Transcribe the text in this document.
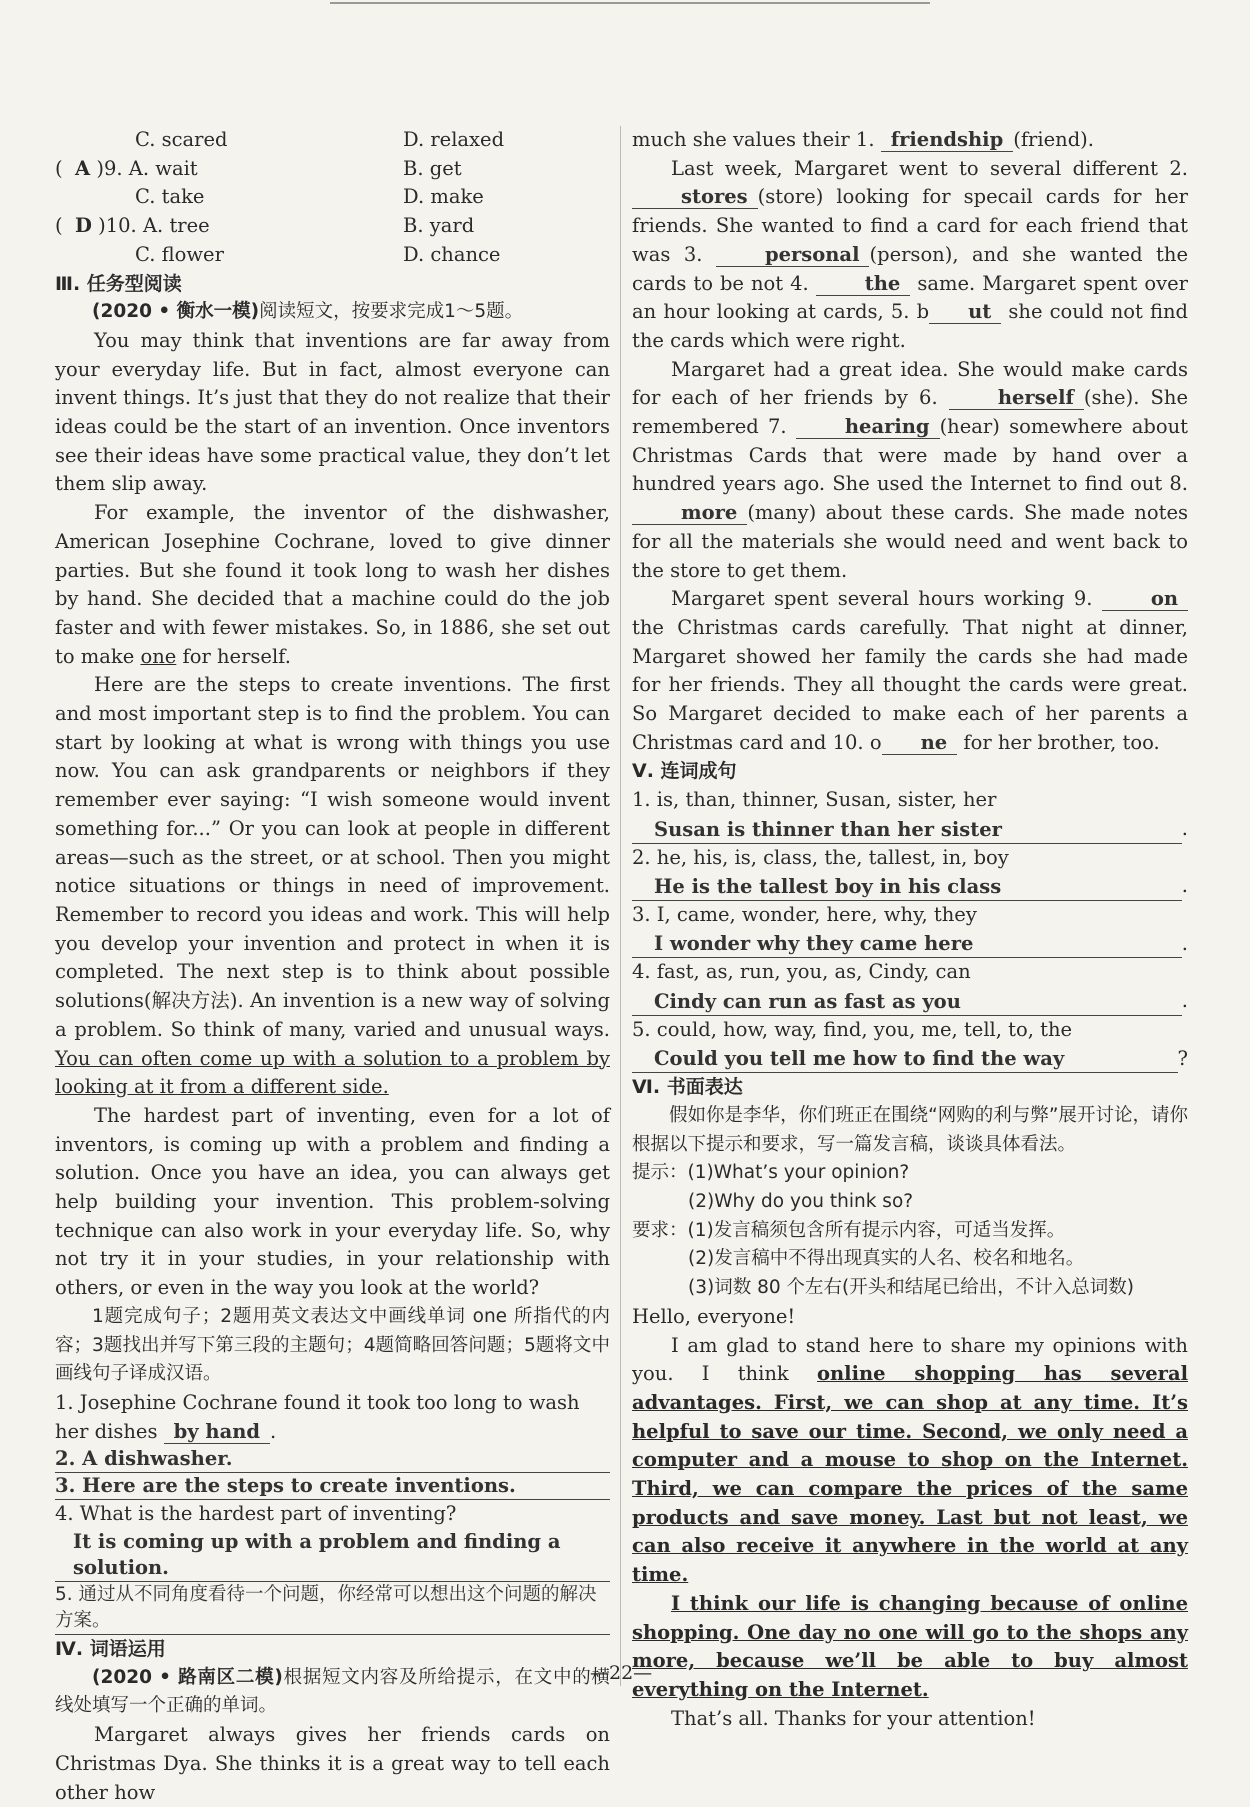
C. scared	D. relaxed
( A )9. A. wait	B. get
C. take	D. make
( D )10. A. tree	B. yard
C. flower	D. chance

Ⅲ. 任务型阅读

(2020 • 衡水一模)阅读短文，按要求完成1～5题。

You may think that inventions are far away from your everyday life. But in fact, almost everyone can invent things. It’s just that they do not realize that their ideas could be the start of an invention. Once inventors see their ideas have some practical value, they don’t let them slip away.

For example, the inventor of the dishwasher, American Josephine Cochrane, loved to give dinner parties. But she found it took long to wash her dishes by hand. She decided that a machine could do the job faster and with fewer mistakes. So, in 1886, she set out to make one for herself.

Here are the steps to create inventions. The first and most important step is to find the problem. You can start by looking at what is wrong with things you use now. You can ask grandparents or neighbors if they remember ever saying: “I wish someone would invent something for...” Or you can look at people in different areas—such as the street, or at school. Then you might notice situations or things in need of improvement. Remember to record you ideas and work. This will help you develop your invention and protect in when it is completed. The next step is to think about possible solutions(解决方法). An invention is a new way of solving a problem. So think of many, varied and unusual ways. You can often come up with a solution to a problem by looking at it from a different side.

The hardest part of inventing, even for a lot of inventors, is coming up with a problem and finding a solution. Once you have an idea, you can always get help building your invention. This problem-solving technique can also work in your everyday life. So, why not try it in your studies, in your relationship with others, or even in the way you look at the world?

1题完成句子；2题用英文表达文中画线单词 one 所指代的内容；3题找出并写下第三段的主题句；4题简略回答问题；5题将文中画线句子译成汉语。

1. Josephine Cochrane found it took too long to wash her dishes by hand .

2. A dishwasher.

3. Here are the steps to create inventions.

4. What is the hardest part of inventing?

It is coming up with a problem and finding a solution.

5. 通过从不同角度看待一个问题，你经常可以想出这个问题的解决方案。

Ⅳ. 词语运用

(2020 • 路南区二模)根据短文内容及所给提示，在文中的横线处填写一个正确的单词。

Margaret always gives her friends cards on Christmas Dya. She thinks it is a great way to tell each other how

much she values their 1. friendship (friend).

Last week, Margaret went to several different 2. stores (store) looking for specail cards for her friends. She wanted to find a card for each friend that was 3.	personal (person), and she wanted the cards to be not 4.	the same. Margaret spent over an hour looking at cards, 5. b ut she could not find the cards which were right.

Margaret had a great idea. She would make cards for each of her friends by 6.	herself (she). She remembered 7.	hearing (hear) somewhere about Christmas Cards that were made by hand over a hundred years ago. She used the Internet to find out 8. more (many) about these cards. She made notes for all the materials she would need and went back to the store to get them.

Margaret spent several hours working 9.	on the Christmas cards carefully. That night at dinner, Margaret showed her family the cards she had made for her friends. They all thought the cards were great. So Margaret decided to make each of her parents a Christmas card and 10. o ne for her brother, too.

Ⅴ. 连词成句

1. is, than, thinner, Susan, sister, her

Susan is thinner than her sister	.

2. he, his, is, class, the, tallest, in, boy

He is the tallest boy in his class	.

3. I, came, wonder, here, why, they

I wonder why they came here	.

4. fast, as, run, you, as, Cindy, can

Cindy can run as fast as you	.

5. could, how, way, find, you, me, tell, to, the

Could you tell me how to find the way	?

Ⅵ. 书面表达

假如你是李华，你们班正在围绕“网购的利与弊”展开讨论，请你根据以下提示和要求，写一篇发言稿，谈谈具体看法。

提示：(1)What’s your opinion?

(2)Why do you think so?

要求：(1)发言稿须包含所有提示内容，可适当发挥。

(2)发言稿中不得出现真实的人名、校名和地名。

(3)词数 80 个左右(开头和结尾已给出，不计入总词数)

Hello, everyone!

I am glad to stand here to share my opinions with you. I think online shopping has several advantages. First, we can shop at any time. It’s helpful to save our time. Second, we only need a computer and a mouse to shop on the Internet. Third, we can compare the prices of the same products and save money. Last but not least, we can also receive it anywhere in the world at any time.

I think our life is changing because of online shopping. One day no one will go to the shops any more, because we’ll be able to buy almost everything on the Internet.

That’s all. Thanks for your attention!

—22—
